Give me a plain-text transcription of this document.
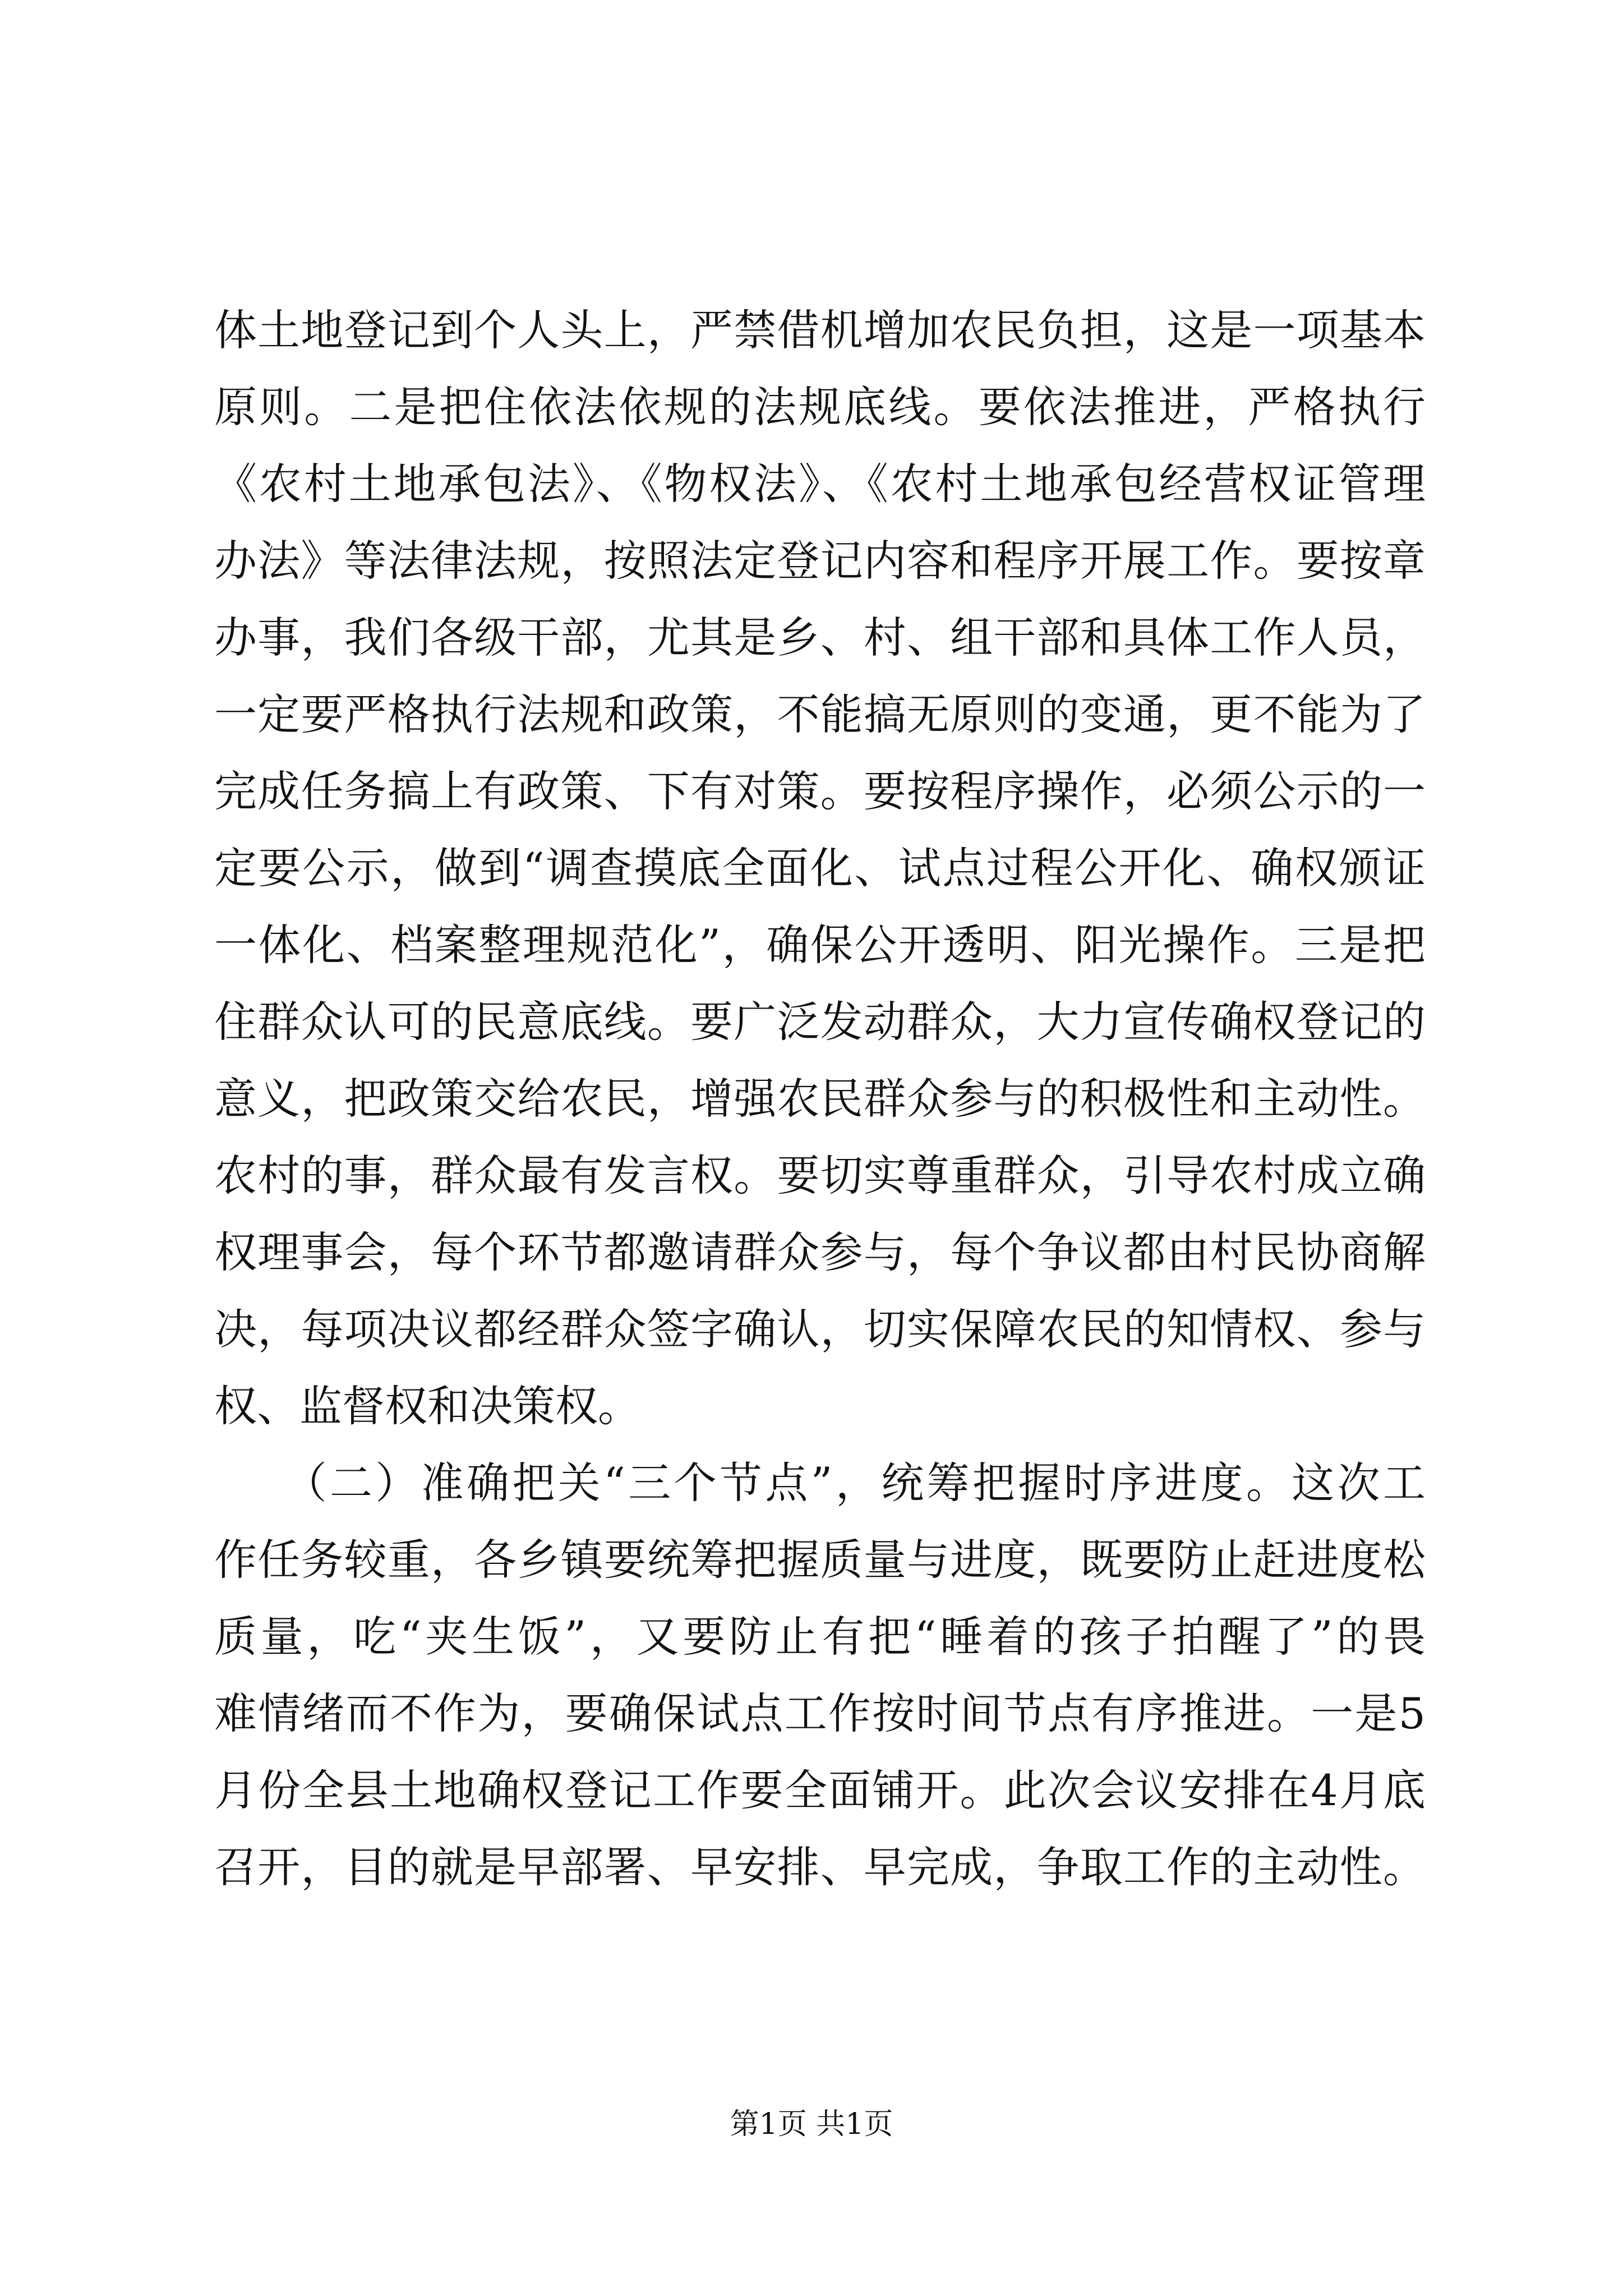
体土地登记到个人头上，严禁借机增加农民负担，这是一项基本
原则。二是把住依法依规的法规底线。要依法推进，严格执行
《农村土地承包法》、《物权法》、《农村土地承包经营权证管理
办法》等法律法规，按照法定登记内容和程序开展工作。要按章
办事，我们各级干部，尤其是乡、村、组干部和具体工作人员，
一定要严格执行法规和政策，不能搞无原则的变通，更不能为了
完成任务搞上有政策、下有对策。要按程序操作，必须公示的一
定要公示，做到“调查摸底全面化、试点过程公开化、确权颁证
一体化、档案整理规范化”，确保公开透明、阳光操作。三是把
住群众认可的民意底线。要广泛发动群众，大力宣传确权登记的
意义，把政策交给农民，增强农民群众参与的积极性和主动性。
农村的事，群众最有发言权。要切实尊重群众，引导农村成立确
权理事会，每个环节都邀请群众参与，每个争议都由村民协商解
决，每项决议都经群众签字确认，切实保障农民的知情权、参与
权、监督权和决策权。
　　（二）准确把关“三个节点”，统筹把握时序进度。这次工
作任务较重，各乡镇要统筹把握质量与进度，既要防止赶进度松
质量，吃“夹生饭”，又要防止有把“睡着的孩子拍醒了”的畏
难情绪而不作为，要确保试点工作按时间节点有序推进。一是5
月份全县土地确权登记工作要全面铺开。此次会议安排在4月底
召开，目的就是早部署、早安排、早完成，争取工作的主动性。
第1页 共1页
